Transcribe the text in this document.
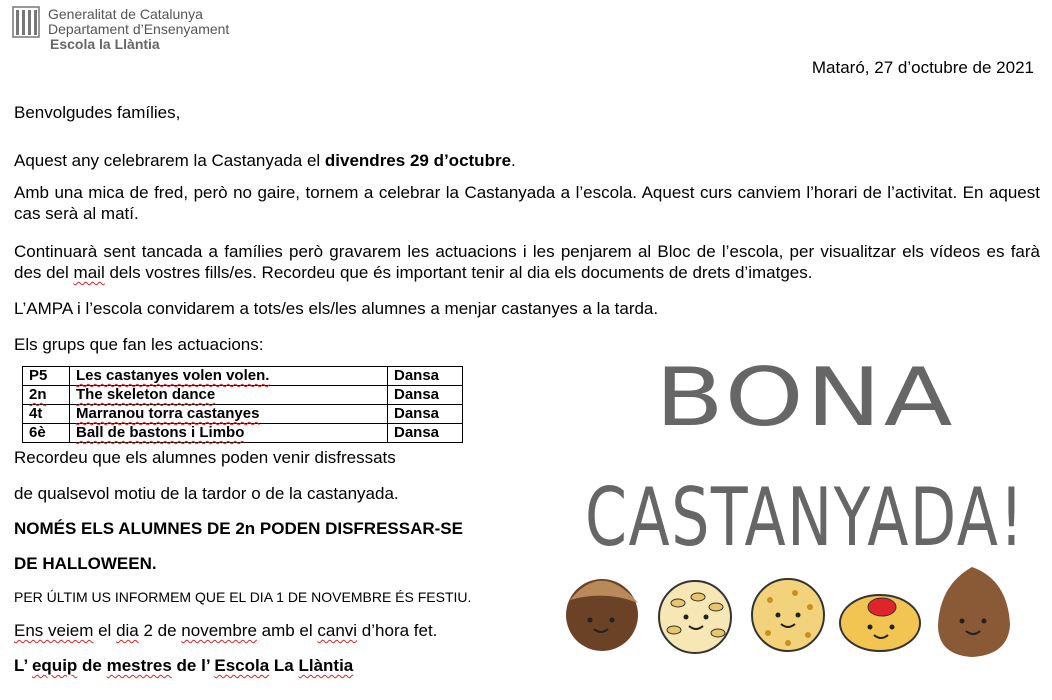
Generalitat de Catalunya
Departament d’Ensenyament
Escola la Llàntia
Mataró, 27 d’octubre de 2021
Benvolgudes famílies,
Aquest any celebrarem la Castanyada el divendres 29 d’octubre.
Amb una mica de fred, però no gaire, tornem a celebrar la Castanyada a l’escola. Aquest curs canviem l’horari de l’activitat. En aquest cas serà al matí.
Continuarà sent tancada a famílies però gravarem les actuacions i les penjarem al Bloc de l’escola, per visualitzar els vídeos es farà des del mail dels vostres fills/es. Recordeu que és important tenir al dia els documents de drets d’imatges.
L’AMPA i l’escola convidarem a tots/es els/les alumnes a menjar castanyes a la tarda.
Els grups que fan les actuacions:
P5	Les castanyes volen volen.	Dansa
2n	The skeleton dance	Dansa
4t	Marranou torra castanyes	Dansa
6è	Ball de bastons i Limbo	Dansa
Recordeu que els alumnes poden venir disfressats
de qualsevol motiu de la tardor o de la castanyada.
NOMÉS ELS ALUMNES DE 2n PODEN DISFRESSAR-SE
DE HALLOWEEN.
PER ÚLTIM US INFORMEM QUE EL DIA 1 DE NOVEMBRE ÉS FESTIU.
Ens veiem el dia 2 de novembre amb el canvi d’hora fet.
L’ equip de mestres de l’ Escola La Llàntia
BONA
CASTANYADA!
